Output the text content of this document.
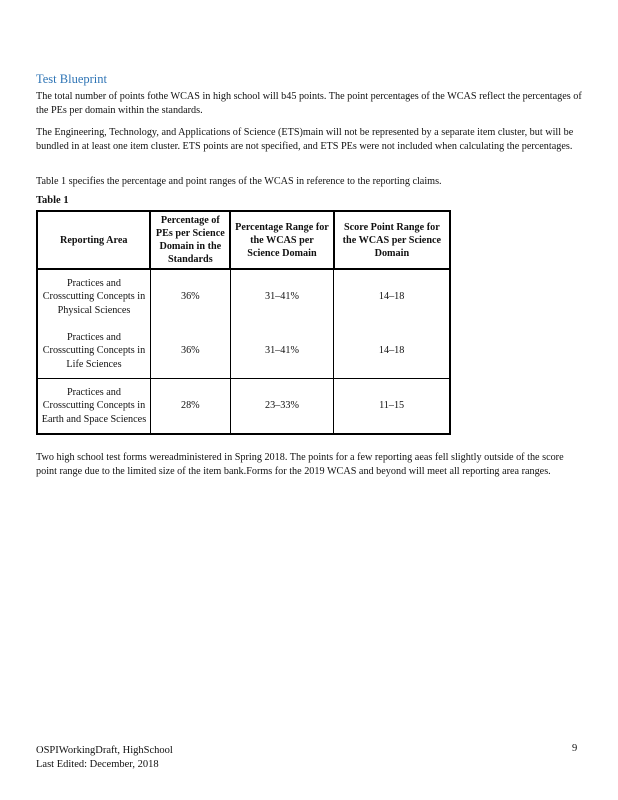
Test Blueprint

The total number of points fothe WCAS in high school will b45 points. The point percentages of the WCAS reflect the percentages of the PEs per domain within the standards.

The Engineering, Technology, and Applications of Science (ETS)main will not be represented by a separate item cluster, but will be bundled in at least one item cluster. ETS points are not specified, and ETS PEs were not included when calculating the percentages.

Table 1 specifies the percentage and point ranges of the WCAS in reference to the reporting claims.

Table 1
Reporting Area	Percentage of PEs per Science Domain in the Standards	Percentage Range for the WCAS per Science Domain	Score Point Range for the WCAS per Science Domain
Practices and Crosscutting Concepts in Physical Sciences	36%	31–41%	14–18
Practices and Crosscutting Concepts in Life Sciences	36%	31–41%	14–18
Practices and Crosscutting Concepts in Earth and Space Sciences	28%	23–33%	11–15

Two high school test forms wereadministered in Spring 2018. The points for a few reporting aeas fell slightly outside of the score point range due to the limited size of the item bank.Forms for the 2019 WCAS and beyond will meet all reporting area ranges.

OSPIWorkingDraft, HighSchool
Last Edited: December, 2018
9
